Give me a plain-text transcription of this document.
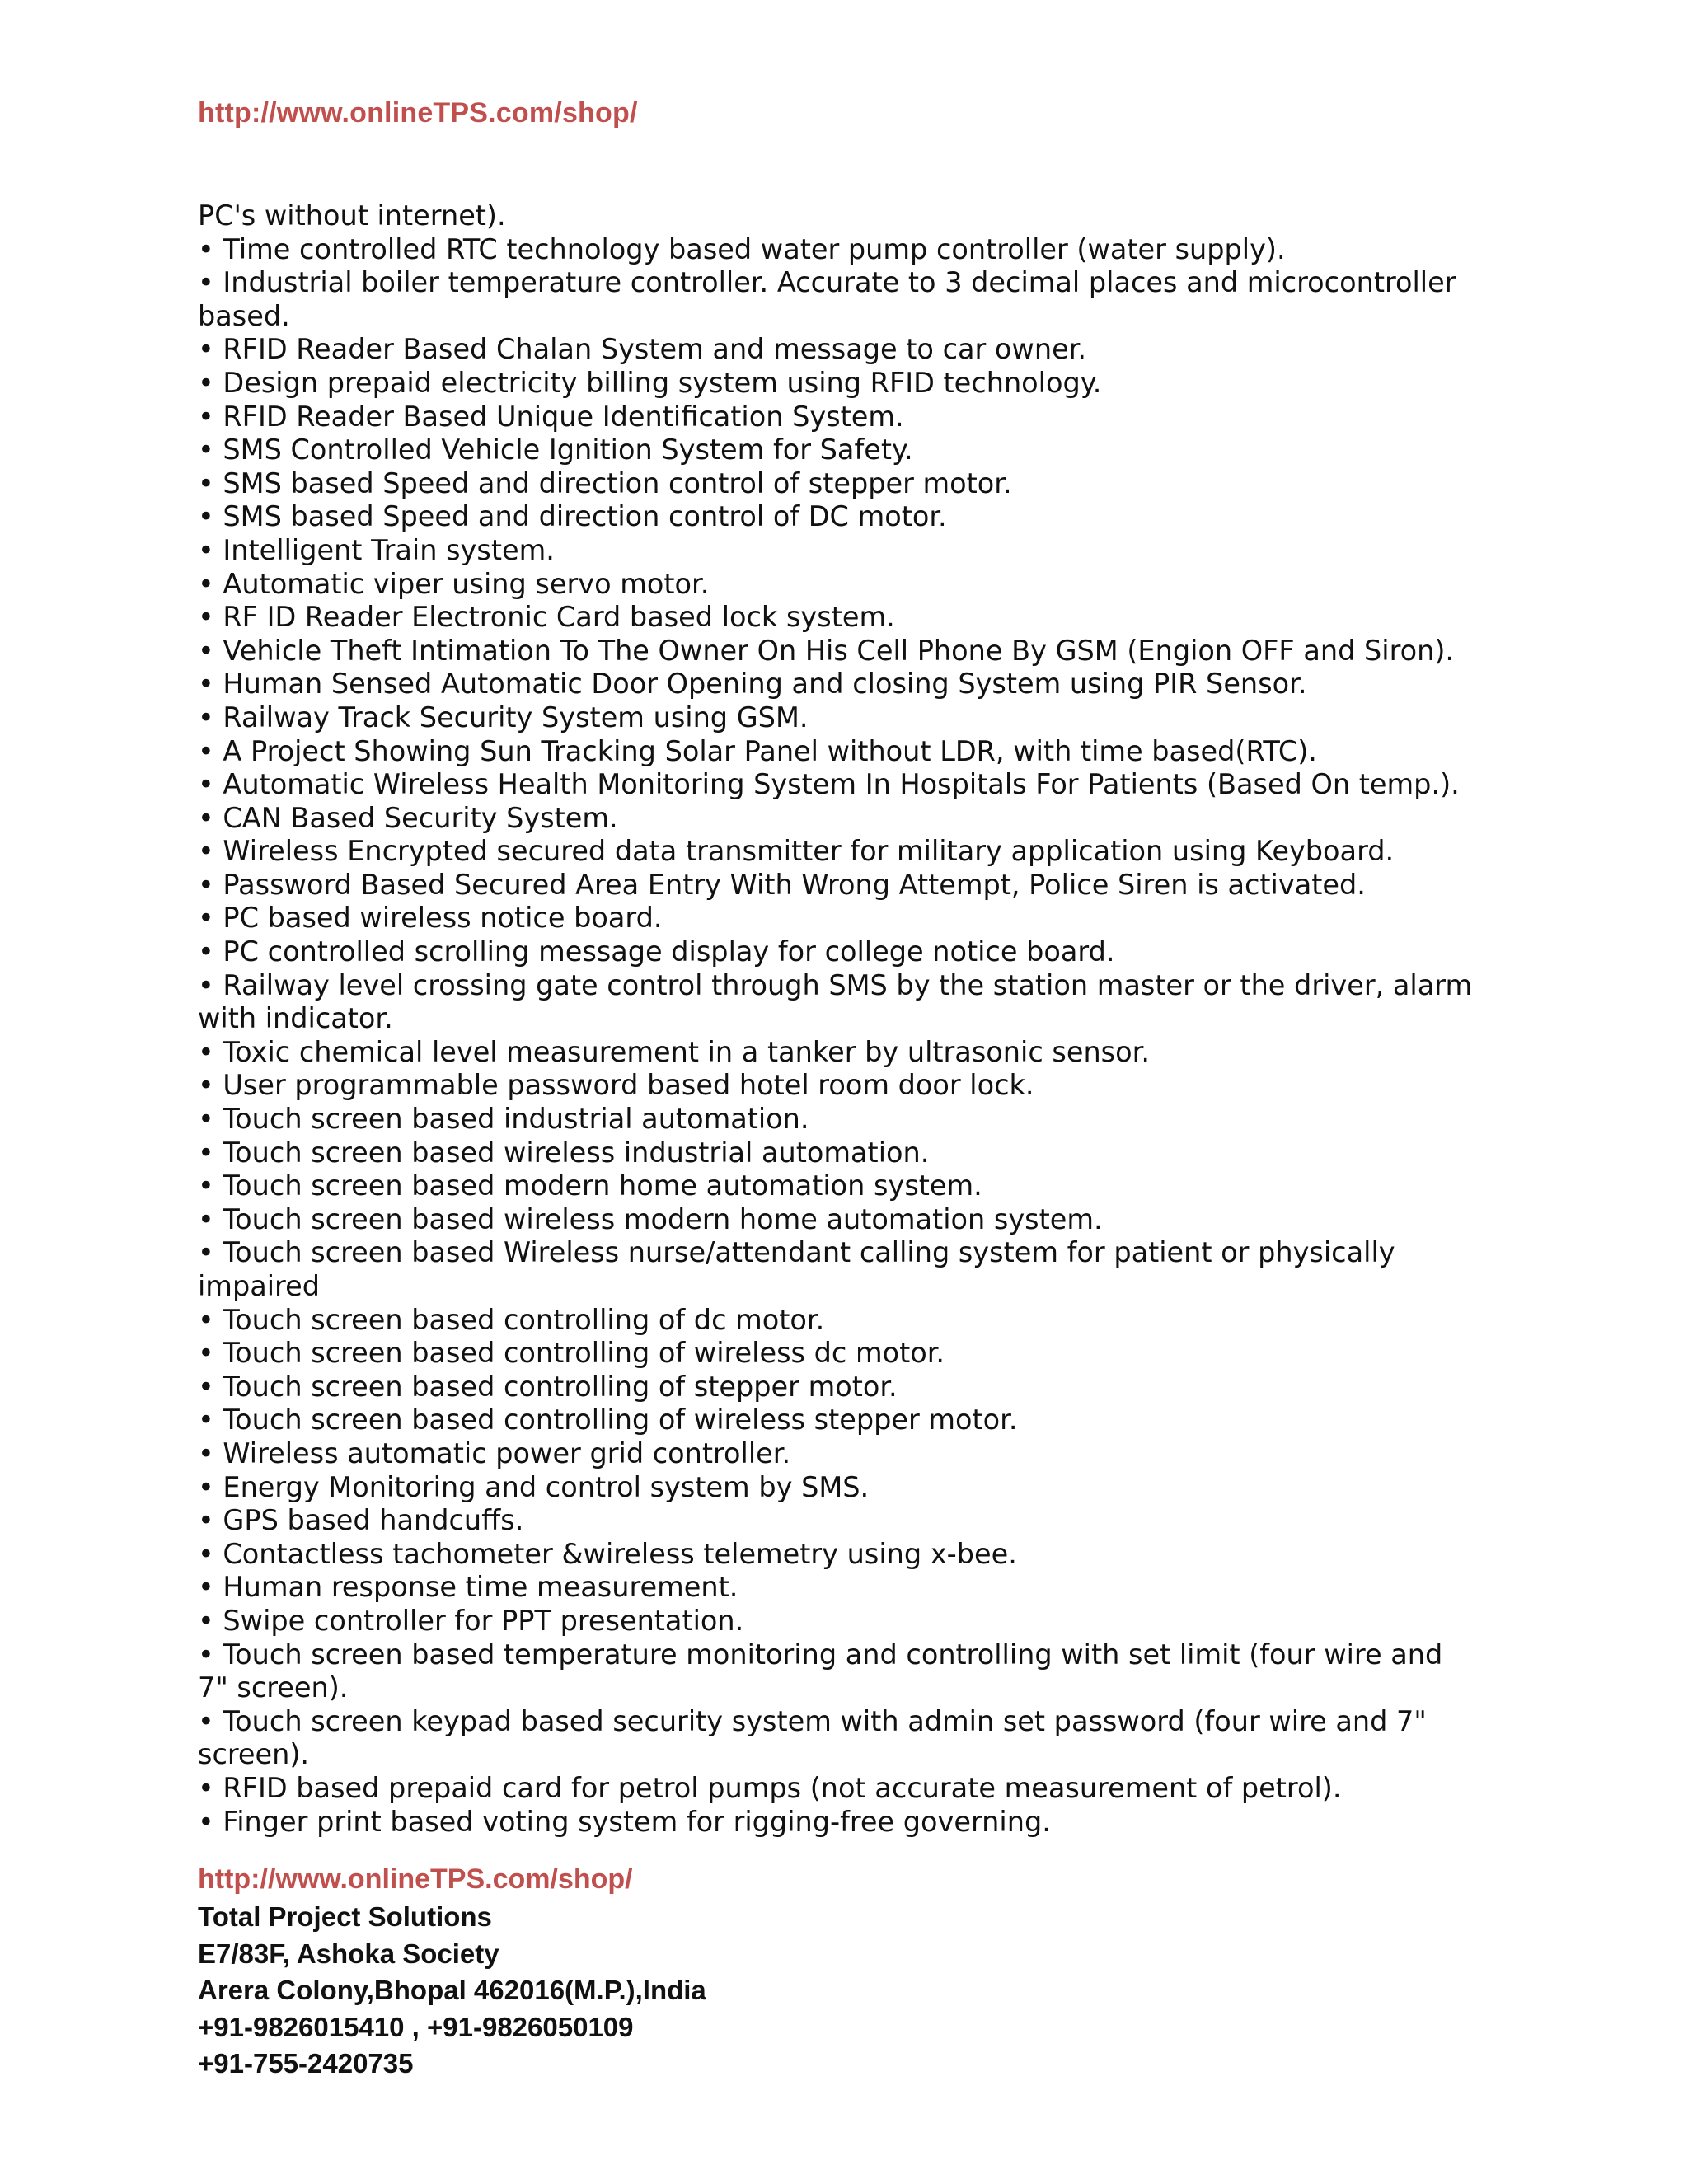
http://www.onlineTPS.com/shop/
PC's without internet).
• Time controlled RTC technology based water pump controller (water supply).
• Industrial boiler temperature controller. Accurate to 3 decimal places and microcontroller
based.
• RFID Reader Based Chalan System and message to car owner.
• Design prepaid electricity billing system using RFID technology.
• RFID Reader Based Unique Identification System.
• SMS Controlled Vehicle Ignition System for Safety.
• SMS based Speed and direction control of stepper motor.
• SMS based Speed and direction control of DC motor.
• Intelligent Train system.
• Automatic viper using servo motor.
• RF ID Reader Electronic Card based lock system.
• Vehicle Theft Intimation To The Owner On His Cell Phone By GSM (Engion OFF and Siron).
• Human Sensed Automatic Door Opening and closing System using PIR Sensor.
• Railway Track Security System using GSM.
• A Project Showing Sun Tracking Solar Panel without LDR, with time based(RTC).
• Automatic Wireless Health Monitoring System In Hospitals For Patients (Based On temp.).
• CAN Based Security System.
• Wireless Encrypted secured data transmitter for military application using Keyboard.
• Password Based Secured Area Entry With Wrong Attempt, Police Siren is activated.
• PC based wireless notice board.
• PC controlled scrolling message display for college notice board.
• Railway level crossing gate control through SMS by the station master or the driver, alarm
with indicator.
• Toxic chemical level measurement in a tanker by ultrasonic sensor.
• User programmable password based hotel room door lock.
• Touch screen based industrial automation.
• Touch screen based wireless industrial automation.
• Touch screen based modern home automation system.
• Touch screen based wireless modern home automation system.
• Touch screen based Wireless nurse/attendant calling system for patient or physically
impaired
• Touch screen based controlling of dc motor.
• Touch screen based controlling of wireless dc motor.
• Touch screen based controlling of stepper motor.
• Touch screen based controlling of wireless stepper motor.
• Wireless automatic power grid controller.
• Energy Monitoring and control system by SMS.
• GPS based handcuffs.
• Contactless tachometer &wireless telemetry using x-bee.
• Human response time measurement.
• Swipe controller for PPT presentation.
• Touch screen based temperature monitoring and controlling with set limit (four wire and
7" screen).
• Touch screen keypad based security system with admin set password (four wire and 7"
screen).
• RFID based prepaid card for petrol pumps (not accurate measurement of petrol).
• Finger print based voting system for rigging-free governing.
http://www.onlineTPS.com/shop/
Total Project Solutions
E7/83F, Ashoka Society
Arera Colony,Bhopal 462016(M.P.),India
+91-9826015410 , +91-9826050109
+91-755-2420735
